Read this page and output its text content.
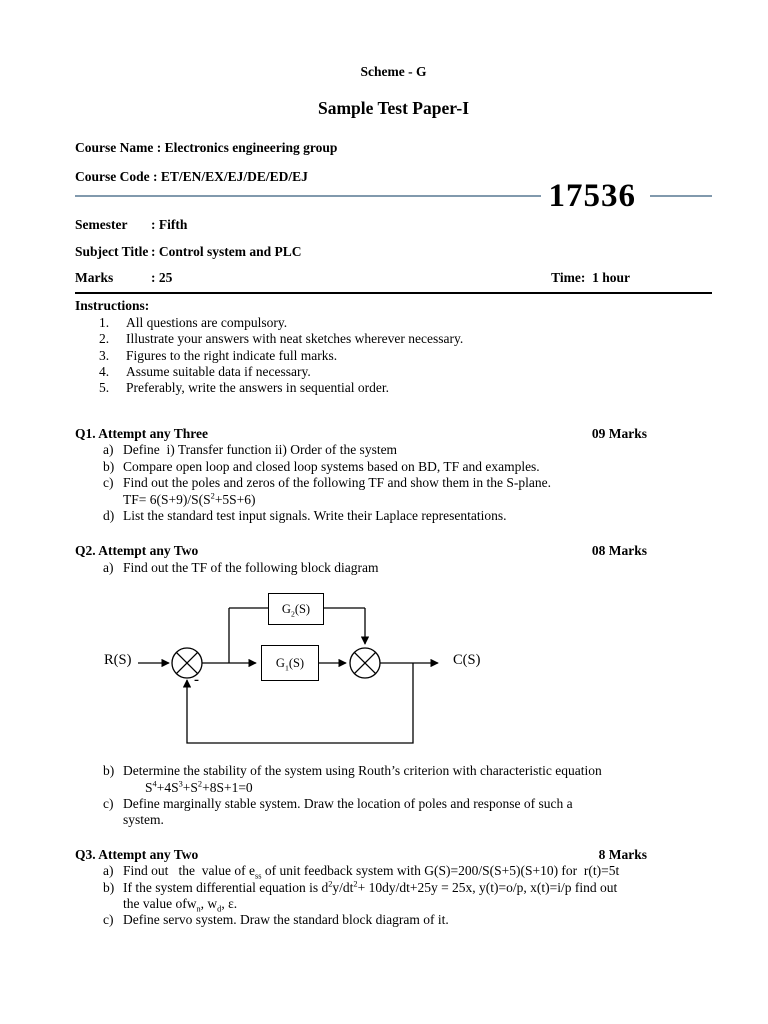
Scheme - G
Sample Test Paper-I
Course Name : Electronics engineering group
Course Code : ET/EN/EX/EJ/DE/ED/EJ
17536
Semester	: Fifth
Subject Title : Control system and PLC
Marks	: 25	Time:  1 hour
Instructions:
1.	All questions are compulsory.
2.	Illustrate your answers with neat sketches wherever necessary.
3.	Figures to the right indicate full marks.
4.	Assume suitable data if necessary.
5.	Preferably, write the answers in sequential order.
Q1. Attempt any Three	09 Marks
a) Define  i) Transfer function ii) Order of the system
b) Compare open loop and closed loop systems based on BD, TF and examples.
c) Find out the poles and zeros of the following TF and show them in the S-plane.
$TF= 6(S+9)/S(S^2+5S+6)$
d) List the standard test input signals. Write their Laplace representations.
Q2. Attempt any Two	08 Marks
a) Find out the TF of the following block diagram
$G_2(S)$
$G_1(S)$
R(S)	C(S)
-
b) Determine the stability of the system using Routh’s criterion with characteristic equation
$S^4+4S^3+S^2+8S+1=0$
c) Define marginally stable system. Draw the location of poles and response of such a
system.
Q3. Attempt any Two	8 Marks
a) Find out   the  value of $e_{ss}$ of unit feedback system with G(S)=200/S(S+5)(S+10) for  r(t)=5t
b) If the system differential equation is $d^2y/dt^2+ 10dy/dt+25y = 25x$, y(t)=o/p, x(t)=i/p find out
the value ofw$_n$, $w_d$, ε.
c) Define servo system. Draw the standard block diagram of it.
